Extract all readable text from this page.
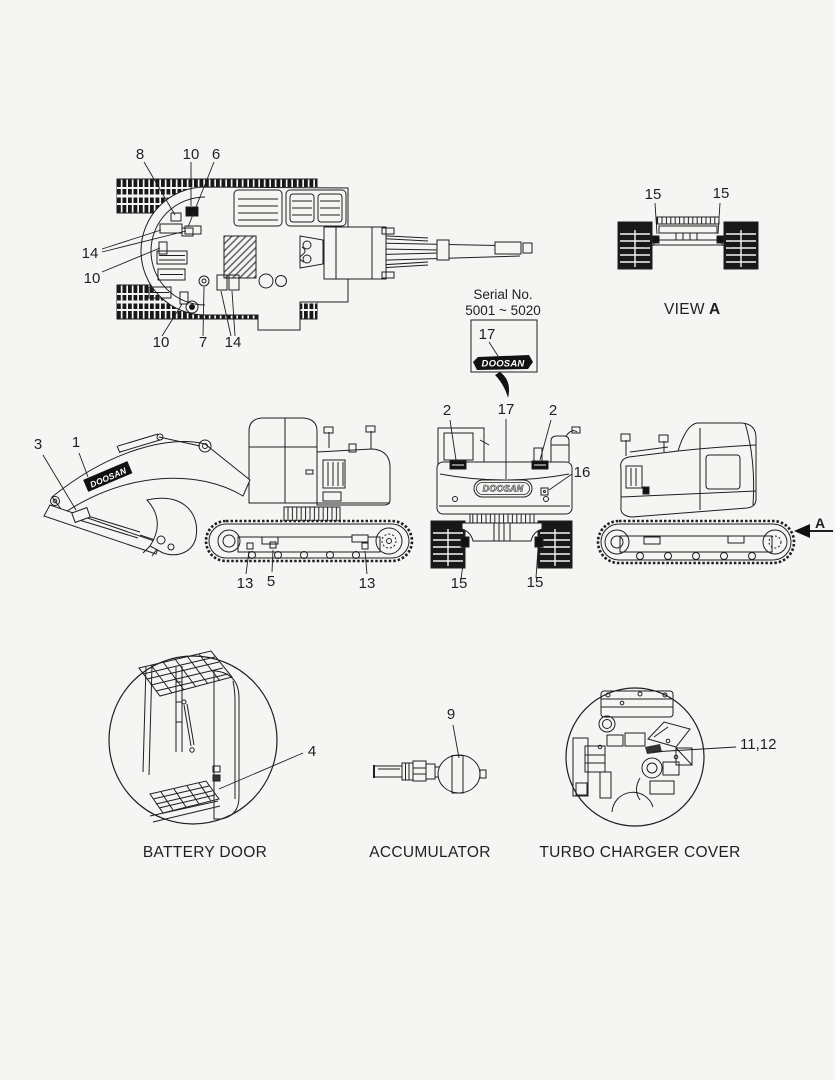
8	10 6
14
10
10 7 14
15	15
VIEW A
Serial No.
5001 ~ 5020
DOOSAN
17
DOOSAN
3 1
13 5	13
DOOSAN
2	17 2
16
15	15
A
4
BATTERY DOOR
9
ACCUMULATOR
11,12
TURBO CHARGER COVER
